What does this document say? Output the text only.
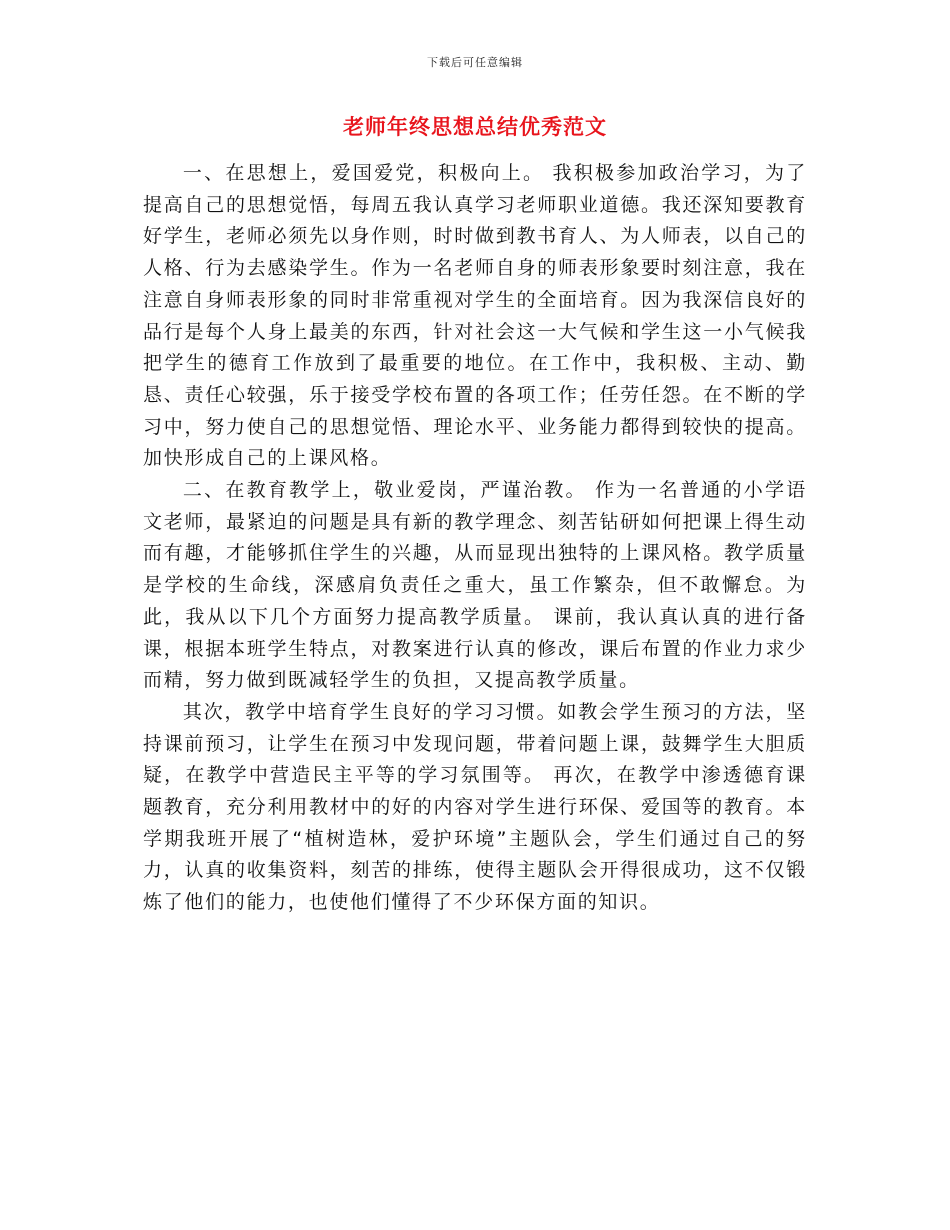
下载后可任意编辑
老师年终思想总结优秀范文

一、在思想上，爱国爱党，积极向上。 我积极参加政治学习，为了提高自己的思想觉悟，每周五我认真学习老师职业道德。我还深知要教育好学生，老师必须先以身作则，时时做到教书育人、为人师表，以自己的人格、行为去感染学生。作为一名老师自身的师表形象要时刻注意，我在注意自身师表形象的同时非常重视对学生的全面培育。因为我深信良好的品行是每个人身上最美的东西，针对社会这一大气候和学生这一小气候我把学生的德育工作放到了最重要的地位。在工作中，我积极、主动、勤恳、责任心较强，乐于接受学校布置的各项工作；任劳任怨。在不断的学习中，努力使自己的思想觉悟、理论水平、业务能力都得到较快的提高。加快形成自己的上课风格。

二、在教育教学上，敬业爱岗，严谨治教。 作为一名普通的小学语文老师，最紧迫的问题是具有新的教学理念、刻苦钻研如何把课上得生动而有趣，才能够抓住学生的兴趣，从而显现出独特的上课风格。教学质量是学校的生命线，深感肩负责任之重大，虽工作繁杂，但不敢懈怠。为此，我从以下几个方面努力提高教学质量。 课前，我认真认真的进行备课，根据本班学生特点，对教案进行认真的修改，课后布置的作业力求少而精，努力做到既减轻学生的负担，又提高教学质量。

其次，教学中培育学生良好的学习习惯。如教会学生预习的方法，坚持课前预习，让学生在预习中发现问题，带着问题上课，鼓舞学生大胆质疑，在教学中营造民主平等的学习氛围等。 再次，在教学中渗透德育课题教育，充分利用教材中的好的内容对学生进行环保、爱国等的教育。本学期我班开展了“植树造林，爱护环境”主题队会，学生们通过自己的努力，认真的收集资料，刻苦的排练，使得主题队会开得很成功，这不仅锻炼了他们的能力，也使他们懂得了不少环保方面的知识。
